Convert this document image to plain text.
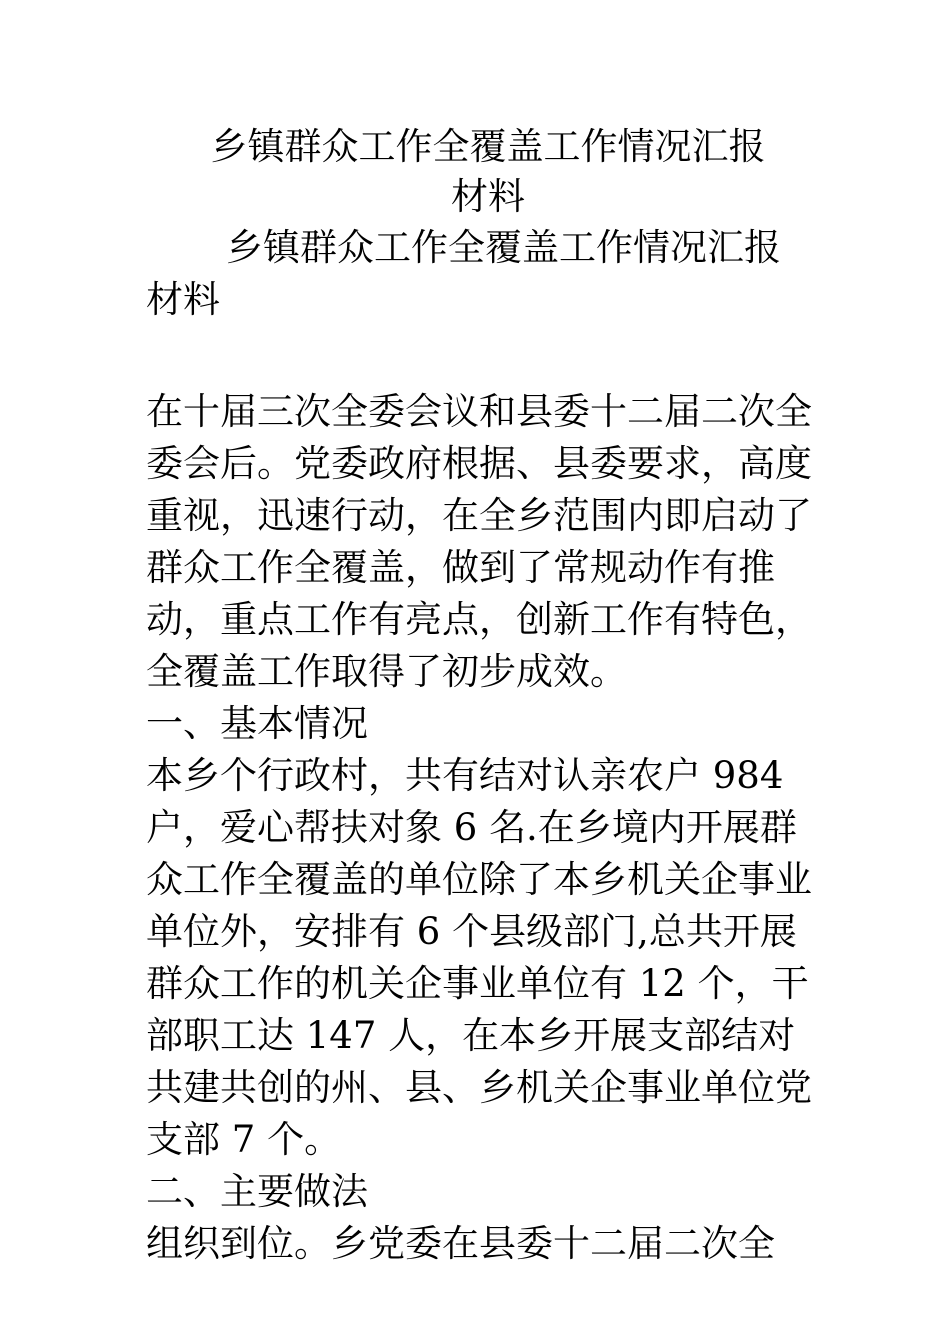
乡镇群众工作全覆盖工作情况汇报
材料

乡镇群众工作全覆盖工作情况汇报材料

在十届三次全委会议和县委十二届二次全委会后。党委政府根据、县委要求，高度重视，迅速行动，在全乡范围内即启动了群众工作全覆盖，做到了常规动作有推动，重点工作有亮点，创新工作有特色，全覆盖工作取得了初步成效。

一、基本情况

本乡个行政村，共有结对认亲农户 984 户，爱心帮扶对象 6 名.在乡境内开展群众工作全覆盖的单位除了本乡机关企事业单位外，安排有 6 个县级部门,总共开展群众工作的机关企事业单位有 12 个，干部职工达 147 人，在本乡开展支部结对共建共创的州、县、乡机关企事业单位党支部 7 个。

二、主要做法

组织到位。乡党委在县委十二届二次全
